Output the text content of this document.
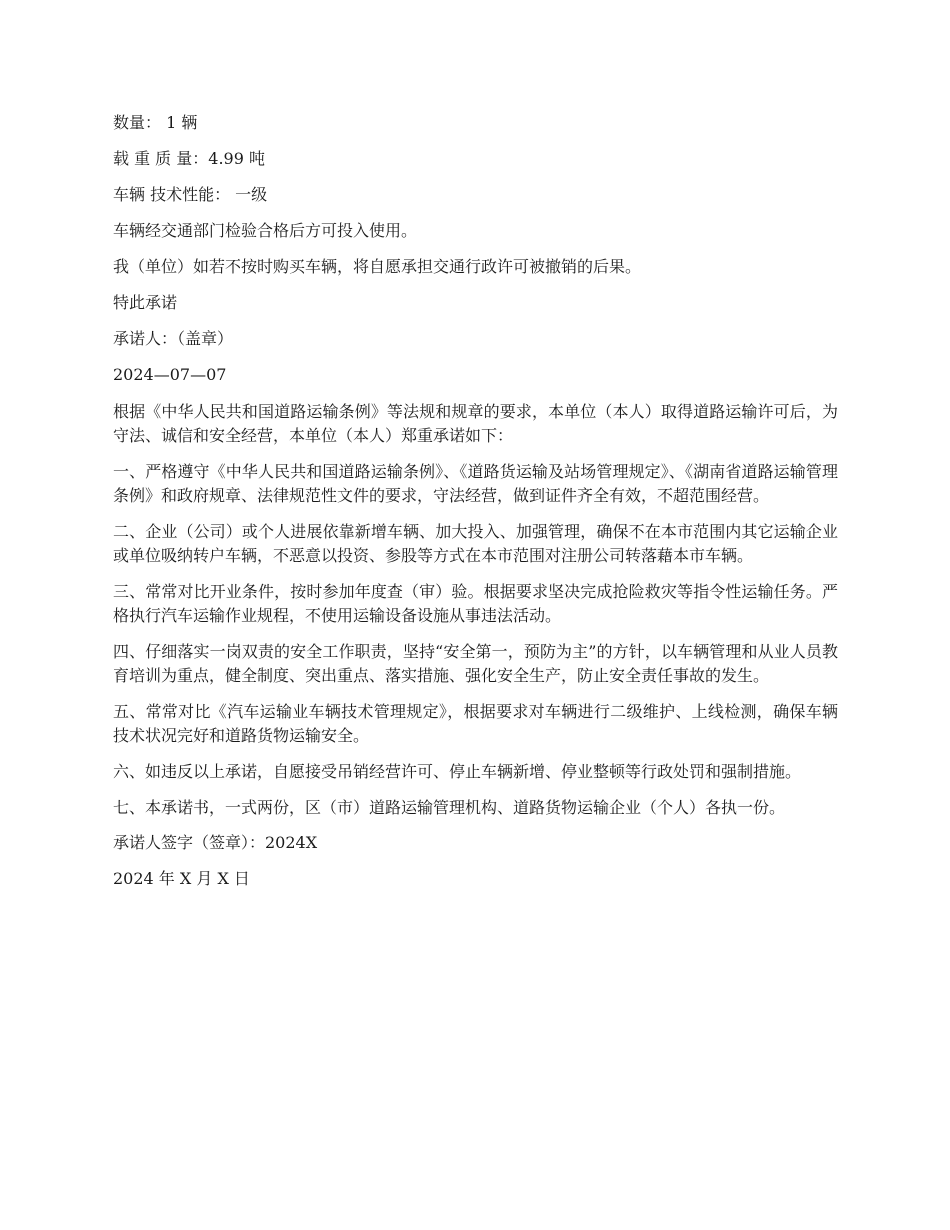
数量： 1 辆
载 重 质 量：4.99 吨
车辆 技术性能： 一级
车辆经交通部门检验合格后方可投入使用。
我（单位）如若不按时购买车辆，将自愿承担交通行政许可被撤销的后果。
特此承诺
承诺人：（盖章）
2024—07—07
根据《中华人民共和国道路运输条例》等法规和规章的要求，本单位（本人）取得道路运输许可后，为守法、诚信和安全经营，本单位（本人）郑重承诺如下：
一、严格遵守《中华人民共和国道路运输条例》、《道路货运输及站场管理规定》、《湖南省道路运输管理条例》和政府规章、法律规范性文件的要求，守法经营，做到证件齐全有效，不超范围经营。
二、企业（公司）或个人进展依靠新增车辆、加大投入、加强管理，确保不在本市范围内其它运输企业或单位吸纳转户车辆，不恶意以投资、参股等方式在本市范围对注册公司转落藉本市车辆。
三、常常对比开业条件，按时参加年度查（审）验。根据要求坚决完成抢险救灾等指令性运输任务。严格执行汽车运输作业规程，不使用运输设备设施从事违法活动。
四、仔细落实一岗双责的安全工作职责，坚持“安全第一，预防为主”的方针，以车辆管理和从业人员教育培训为重点，健全制度、突出重点、落实措施、强化安全生产，防止安全责任事故的发生。
五、常常对比《汽车运输业车辆技术管理规定》，根据要求对车辆进行二级维护、上线检测，确保车辆技术状况完好和道路货物运输安全。
六、如违反以上承诺，自愿接受吊销经营许可、停止车辆新增、停业整顿等行政处罚和强制措施。
七、本承诺书，一式两份，区（市）道路运输管理机构、道路货物运输企业（个人）各执一份。
承诺人签字（签章）：2024X
2024 年 X 月 X 日
